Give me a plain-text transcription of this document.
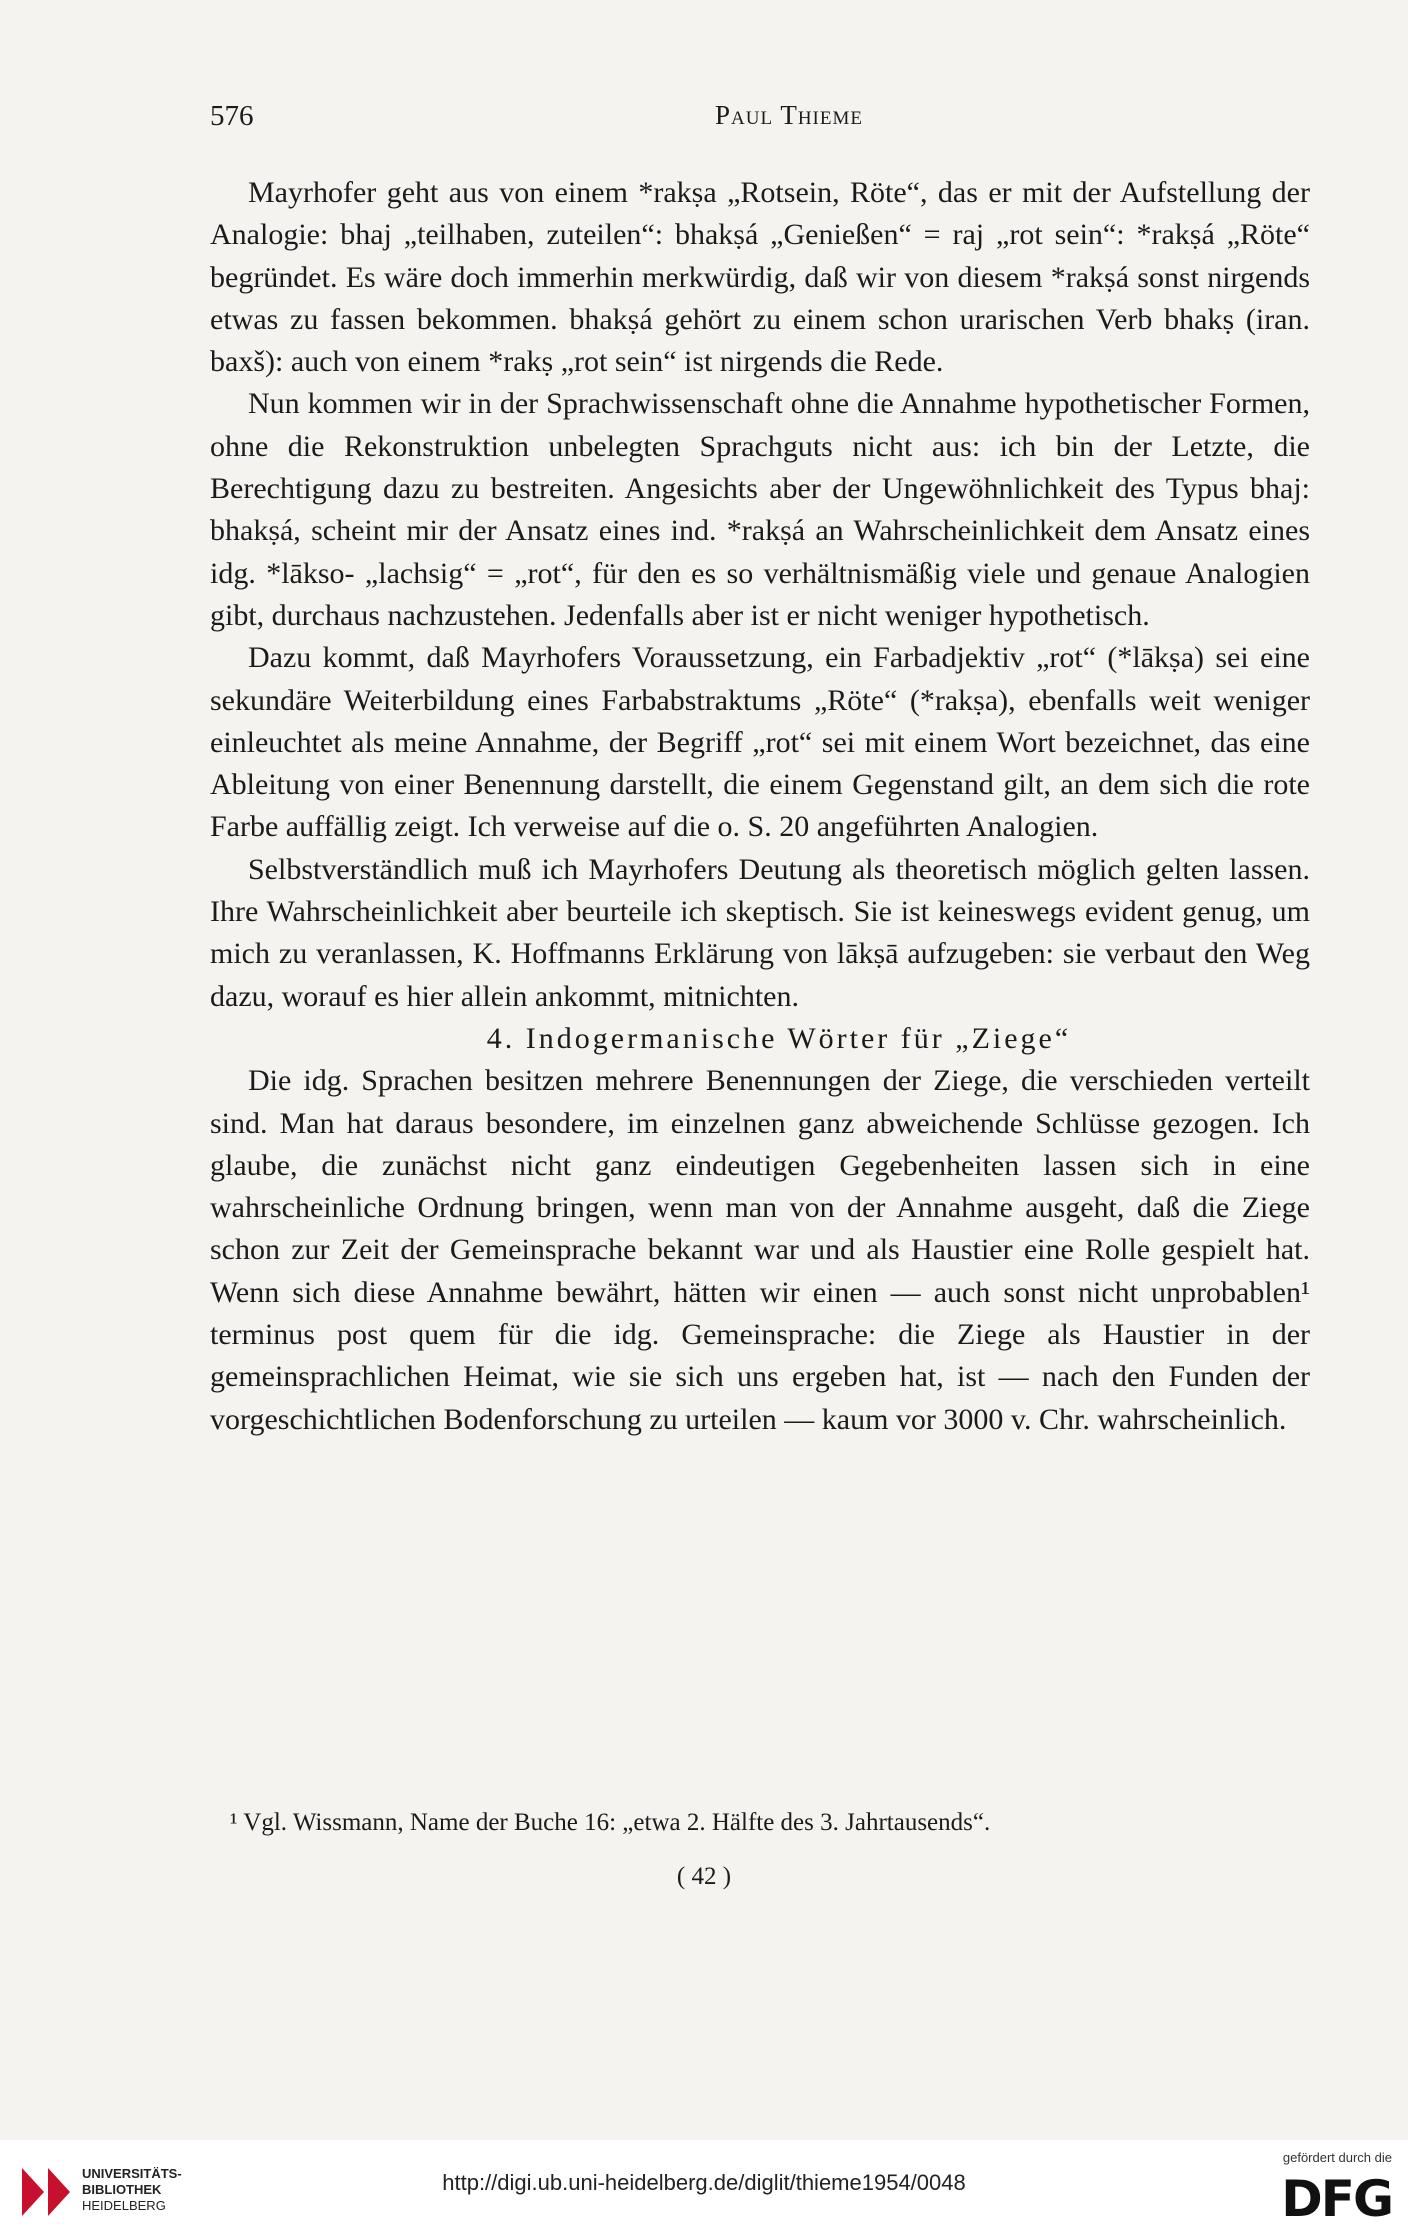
576	Paul Thieme

Mayrhofer geht aus von einem *rakṣa „Rotsein, Röte“, das er mit der Aufstellung der Analogie: bhaj „teilhaben, zuteilen“: bhakṣá „Genießen“ = raj „rot sein“: *rakṣá „Röte“ begründet. Es wäre doch immerhin merkwürdig, daß wir von diesem *rakṣá sonst nirgends etwas zu fassen bekommen. bhakṣá gehört zu einem schon urarischen Verb bhakṣ (iran. baxš): auch von einem *rakṣ „rot sein“ ist nirgends die Rede.

Nun kommen wir in der Sprachwissenschaft ohne die Annahme hypothetischer Formen, ohne die Rekonstruktion unbelegten Sprachguts nicht aus: ich bin der Letzte, die Berechtigung dazu zu bestreiten. Angesichts aber der Ungewöhnlichkeit des Typus bhaj: bhakṣá, scheint mir der Ansatz eines ind. *rakṣá an Wahrscheinlichkeit dem Ansatz eines idg. *lākso- „lachsig“ = „rot“, für den es so verhältnismäßig viele und genaue Analogien gibt, durchaus nachzustehen. Jedenfalls aber ist er nicht weniger hypothetisch.

Dazu kommt, daß Mayrhofers Voraussetzung, ein Farbadjektiv „rot“ (*lākṣa) sei eine sekundäre Weiterbildung eines Farbabstraktums „Röte“ (*rakṣa), ebenfalls weit weniger einleuchtet als meine Annahme, der Begriff „rot“ sei mit einem Wort bezeichnet, das eine Ableitung von einer Benennung darstellt, die einem Gegenstand gilt, an dem sich die rote Farbe auffällig zeigt. Ich verweise auf die o. S. 20 angeführten Analogien.

Selbstverständlich muß ich Mayrhofers Deutung als theoretisch möglich gelten lassen. Ihre Wahrscheinlichkeit aber beurteile ich skeptisch. Sie ist keineswegs evident genug, um mich zu veranlassen, K. Hoffmanns Erklärung von lākṣā aufzugeben: sie verbaut den Weg dazu, worauf es hier allein ankommt, mitnichten.

4. Indogermanische Wörter für „Ziege“

Die idg. Sprachen besitzen mehrere Benennungen der Ziege, die verschieden verteilt sind. Man hat daraus besondere, im einzelnen ganz abweichende Schlüsse gezogen. Ich glaube, die zunächst nicht ganz eindeutigen Gegebenheiten lassen sich in eine wahrscheinliche Ordnung bringen, wenn man von der Annahme ausgeht, daß die Ziege schon zur Zeit der Gemeinsprache bekannt war und als Haustier eine Rolle gespielt hat. Wenn sich diese Annahme bewährt, hätten wir einen — auch sonst nicht unprobablen¹ terminus post quem für die idg. Gemeinsprache: die Ziege als Haustier in der gemeinsprachlichen Heimat, wie sie sich uns ergeben hat, ist — nach den Funden der vorgeschichtlichen Bodenforschung zu urteilen — kaum vor 3000 v. Chr. wahrscheinlich.

¹ Vgl. Wissmann, Name der Buche 16: „etwa 2. Hälfte des 3. Jahrtausends“.
( 42 )
UNIVERSITÄTS-
BIBLIOTHEK
HEIDELBERG
http://digi.ub.uni-heidelberg.de/diglit/thieme1954/0048
gefördert durch die
DFG
